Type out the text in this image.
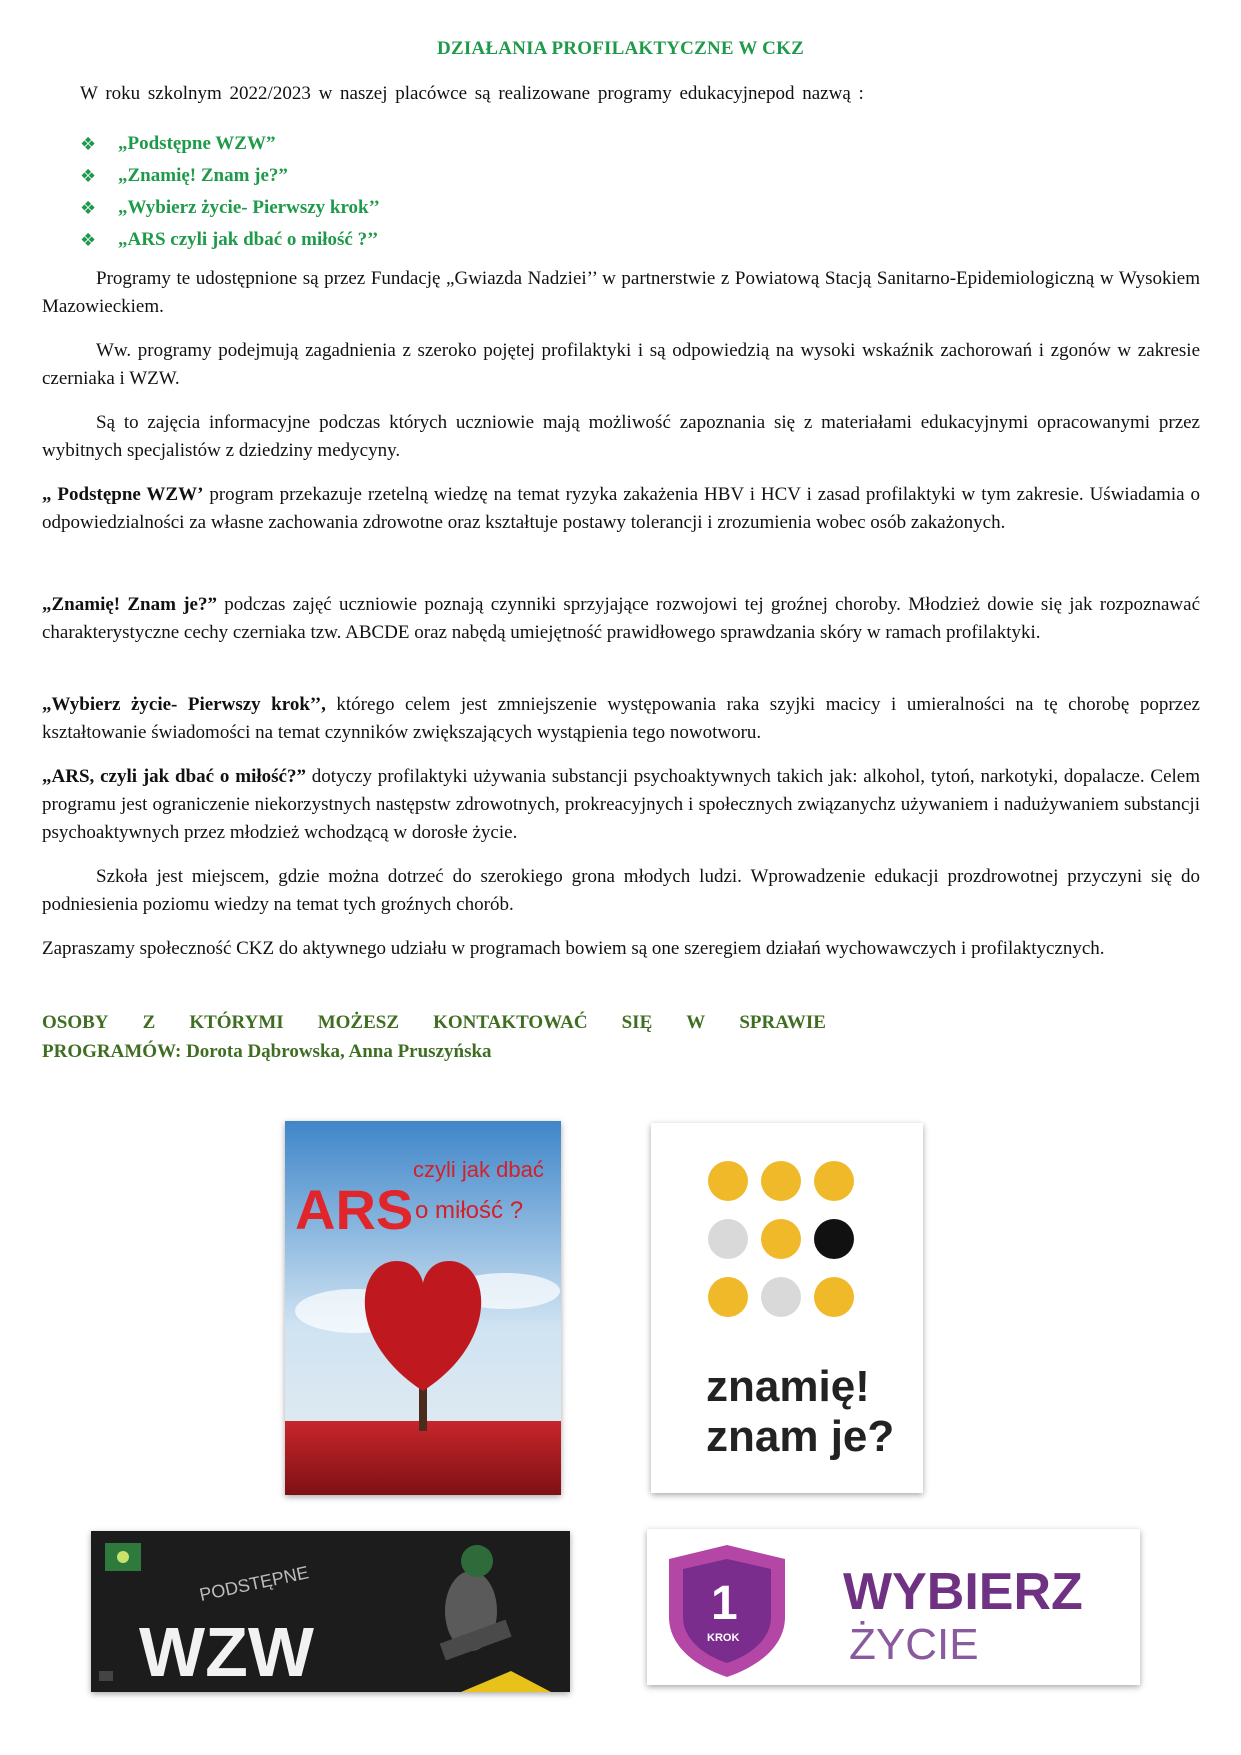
DZIAŁANIA PROFILAKTYCZNE W CKZ
W roku szkolnym 2022/2023 w naszej placówce są realizowane programy edukacyjnepod nazwą :
❖	„Podstępne WZW”
❖	„Znamię! Znam je?”
❖	„Wybierz życie- Pierwszy krok’’
❖	„ARS czyli jak dbać o miłość ?’’

Programy te udostępnione są przez Fundację „Gwiazda Nadziei’’ w partnerstwie z Powiatową Stacją Sanitarno-Epidemiologiczną w Wysokiem Mazowieckiem.

Ww. programy podejmują zagadnienia z szeroko pojętej profilaktyki i są odpowiedzią na wysoki wskaźnik zachorowań i zgonów w zakresie czerniaka i WZW.

Są to zajęcia informacyjne podczas których uczniowie mają możliwość zapoznania się z materiałami edukacyjnymi opracowanymi przez wybitnych specjalistów z dziedziny medycyny.

„ Podstępne WZW’ program przekazuje rzetelną wiedzę na temat ryzyka zakażenia HBV i HCV i zasad profilaktyki w tym zakresie. Uświadamia o odpowiedzialności za własne zachowania zdrowotne oraz kształtuje postawy tolerancji i zrozumienia wobec osób zakażonych.

„Znamię! Znam je?” podczas zajęć uczniowie poznają czynniki sprzyjające rozwojowi tej groźnej choroby. Młodzież dowie się jak rozpoznawać charakterystyczne cechy czerniaka tzw. ABCDE oraz nabędą umiejętność prawidłowego sprawdzania skóry w ramach profilaktyki.

„Wybierz życie- Pierwszy krok’’, którego celem jest zmniejszenie występowania raka szyjki macicy i umieralności na tę chorobę poprzez kształtowanie świadomości na temat czynników zwiększających wystąpienia tego nowotworu.

„ARS, czyli jak dbać o miłość?” dotyczy profilaktyki używania substancji psychoaktywnych takich jak: alkohol, tytoń, narkotyki, dopalacze. Celem programu jest ograniczenie niekorzystnych następstw zdrowotnych, prokreacyjnych i społecznych związanychz używaniem i nadużywaniem substancji psychoaktywnych przez młodzież wchodzącą w dorosłe życie.

Szkoła jest miejscem, gdzie można dotrzeć do szerokiego grona młodych ludzi. Wprowadzenie edukacji prozdrowotnej przyczyni się do podniesienia poziomu wiedzy na temat tych groźnych chorób.

Zapraszamy społeczność CKZ do aktywnego udziału w programach bowiem są one szeregiem działań wychowawczych i profilaktycznych.

OSOBY Z KTÓRYMI MOŻESZ KONTAKTOWAĆ SIĘ W SPRAWIE
PROGRAMÓW: Dorota Dąbrowska, Anna Pruszyńska
ARS
czyli jak dbać
o miłość ?
znamię!
znam je?
PODSTĘPNE
WZW
1
KROK
WYBIERZ
ŻYCIE
